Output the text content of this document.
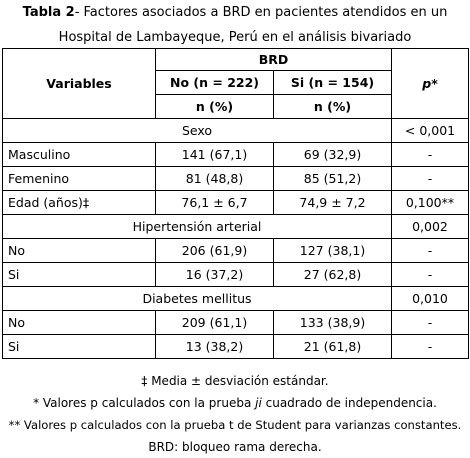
Tabla 2- Factores asociados a BRD en pacientes atendidos en un
Hospital de Lambayeque, Perú en el análisis bivariado
Variables	BRD		p*
	No (n = 222)	Si (n = 154)	
	n (%)	n (%)	
Sexo			< 0,001
Masculino	141 (67,1)	69 (32,9)	-
Femenino	81 (48,8)	85 (51,2)	-
Edad (años)‡	76,1 ± 6,7	74,9 ± 7,2	0,100**
Hipertensión arterial			0,002
No	206 (61,9)	127 (38,1)	-
Si	16 (37,2)	27 (62,8)	-
Diabetes mellitus			0,010
No	209 (61,1)	133 (38,9)	-
Si	13 (38,2)	21 (61,8)	-
‡ Media ± desviación estándar.
* Valores p calculados con la prueba ji cuadrado de independencia.
** Valores p calculados con la prueba t de Student para varianzas constantes.
BRD: bloqueo rama derecha.
